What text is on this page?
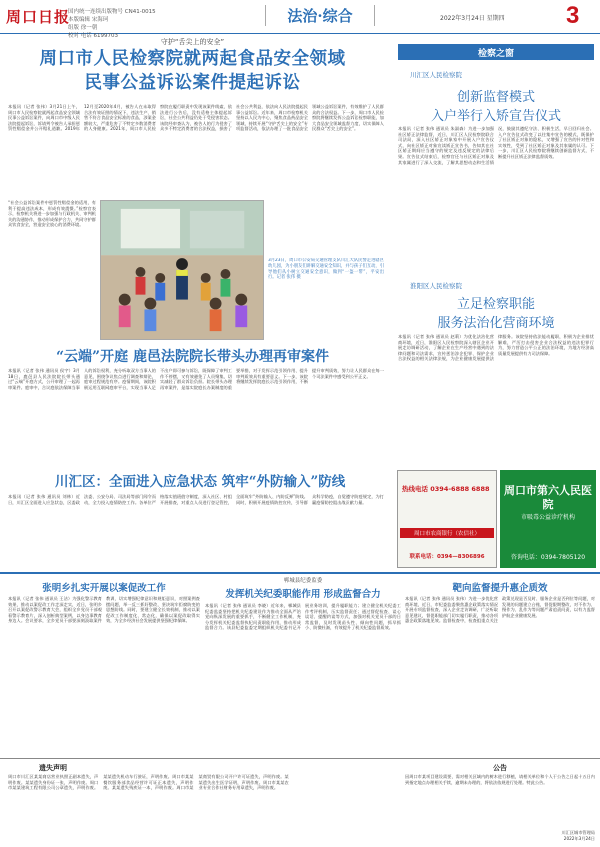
周口日报
国内统一连续出版物号 CN41-0015
本版编辑 宋海珂
组版 徐一朝
校对 电话 6199703
法治·综合	2022年3月24日 星期四	3
守护“舌尖上的安全”
周口市人民检察院就两起食品安全领域
民事公益诉讼案件提起诉讼
本报讯（记者 张伟）3月21日上午，周口市人民检察院就两起食品安全领域民事公益诉讼案件，向周口市中级人民法院提起诉讼，诉请判令被告人承担惩罚性赔偿金并公开赔礼道歉。2019年12月至2020年4月，被告人在未取得合法有效证照的情况下，违法生产、销售不符合食品安全标准的食品，涉案金额较大，严重危害了不特定多数消费者的人身健康。2021年，周口市人民检察院在履行职责中发现该案件线索，依法进行公告后，没有适格主体提起诉讼，社会公共利益仍处于受侵害状态。该院经审查认为，被告人的行为侵害了众多不特定消费者的合法权益，损害了社会公共利益，依法向人民法院提起民事公益诉讼。近年来，周口市检察机关坚持以人民为中心，聚焦食品药品安全领域，持续开展“守护舌尖上的安全”专项监督活动，依法办理了一批食品安全领域公益诉讼案件，有效维护了人民群众的合法权益。下一步，周口市人民检察院将继续发挥公益诉讼检察职能，加大食品安全领域监督力度，切实保障人民群众“舌尖上的安全”。
“社会公益诉讼案件中惩罚性赔偿金的适用，有利于提高违法成本，形成有效震慑。”检察官表示，检察机关将进一步加强与行政机关、审判机关的沟通协作，推动形成保护合力，共同守护群众饮食安全，营造安全放心的消费环境。
3月23日，周口市公安局交通管理支队川汇大队民警走进辖区幼儿园，为小朋友们讲解交通安全知识，并与孩子们互动，引导他们从小树立交通安全意识，做到“一盔一带”，平安出行。记者 张伟 摄
“云端”开庭 鹿邑法院院长带头办理再审案件
本报讯（记者 张伟 通讯员 侯宇）3月18日，鹿邑县人民法院院长带头通过“云端”开庭方式，公开审理了一起再审案件。庭审中，合议庭依法保障当事人的诉讼权利，充分听取双方当事人的意见，围绕争议焦点进行调查和辩论，庭审过程规范有序。疫情期间，该院积极运用互联网庭审平台，实现当事人足不出户即可参与诉讼，既保障了审判工作不停摆，又有效避免了人员聚集，切实减轻了群众诉讼负担。院长带头办理再审案件，是落实院庭长办案制度的重要举措，对于发挥示范引领作用、提升审判质效具有重要意义。下一步，该院将继续发挥院庭长示范引领作用，不断提升审判质效，努力让人民群众在每一个司法案件中感受到公平正义。
川汇区：全面进入应急状态 筑牢“外防输入”防线
本报讯（记者 张伟 通讯员 刘林）近日，川汇区全面进入应急状态，区委政法委、公安分局、司法局等部门闻令而动，全力投入疫情防控工作。各单位严格落实值班值守制度，深入社区、村组开展排查，对重点人员进行登记管控，全面筑牢“外防输入、内防反弹”防线。同时，积极开展疫情防控宣传，引导群众科学防疫，自觉遵守防疫规定，为打赢疫情防控阻击战贡献力量。
检察之窗
川汇区人民检察院
创新监督模式
入户举行入矫宣告仪式
本报讯（记者 张伟 通讯员 朱淑森）为进一步加强社区矫正法律监督，近日，川汇区人民检察院联合司法局，深入社区矫正对象家中开展入户宣告仪式，向社区矫正对象宣读矫正宣告书，告知其在社区矫正期间应当遵守的规定及违反规定的法律后果。宣告仪式结束后，检察官还与社区矫正对象及其家属进行了深入交流，了解其思想动态和生活情况，鼓励其遵纪守法、积极生活，早日回归社会。入户宣告仪式改变了以往集中宣告的模式，既保护了社区矫正对象的隐私，又增强了宣告的针对性和实效性，受到了社区矫正对象及其家属的认可。下一步，川汇区人民检察院将继续创新监督方式，不断提升社区矫正法律监督质效。
淮阳区人民检察院
立足检察职能
服务法治化营商环境
本报讯（记者 张伟 通讯员 赵莉）为优化法治化营商环境，近日，淮阳区人民检察院深入辖区企业开展走访调研活动，了解企业在生产经营中遇到的法律问题和司法需求，宣传惩治涉企犯罪、保护企业合法权益的相关法律法规，为企业健康发展提供法律服务。该院坚持依法能动履职，积极为企业排忧解难，严厉打击侵害企业合法权益的违法犯罪行为，努力营造公平公正的法治环境，为地方经济高质量发展提供有力司法保障。
热线电话 0394-6888 6888
周口市农商银行（农信社）
联系电话：0394—8306896
周口市第六人民医院
市吸毒公益诊疗机构
咨询电话：0394-7805120
张明乡扎实开展以案促改工作
本报讯（记者 张伟 通讯员 王洁）为强化警示教育效果，推动以案促改工作走深走实，近日，张明乡召开以案促改警示教育大会，组织全乡党员干部观看警示教育片，深入剖析典型案例，以身边事教育身边人。会议要求，全乡党员干部要深刻汲取案件教训，切实增强纪律意识和规矩意识，对照案例查摆问题，举一反三抓好整改，坚决筑牢拒腐防变的思想防线。同时，要建立健全长效机制，推动以案促改工作制度化、常态化，确保以案促改取得实效，为全乡经济社会发展提供坚强纪律保障。
郸城县纪委监委
发挥机关纪委职能作用 形成监督合力
本报讯（记者 张伟 通讯员 李晓）近年来，郸城县纪委监委坚持把机关纪委建设作为推动全面从严治党向纵深发展的重要抓手，不断健全工作机制，充分发挥机关纪委监督执纪问责职能作用，推动形成监督合力。该县纪委监委定期组织机关纪委书记开展业务培训，提升履职能力；建立健全机关纪委工作考评机制，压实监督责任；通过督促检查、谈心谈话、提醒约谈等方式，加强对机关党员干部的日常监督，及时发现苗头性、倾向性问题，抓早抓小、防微杜渐，有效提升了机关纪委监督质效。
靶向监督提升惠企质效
本报讯（记者 张伟 通讯员 张伟）为进一步优化营商环境，近日，市纪委监委聚焦惠企政策落实情况开展专项监督检查，深入企业走访调研，广泛听取意见建议，督促职能部门切实履行职责，推动各项惠企政策落地见效。监督检查中，检查组重点关注政策兑现是否及时、服务企业是否到位等问题，对发现的问题建立台账，督促限期整改，对不作为、慢作为、乱作为等问题严肃追责问责，以有力监督护航企业健康发展。
遗失声明
周口市川汇区某某商店营业执照正副本遗失，声明作废。某某遗失身份证一张，声明作废。周口市某某建筑工程有限公司公章遗失，声明作废。某某遗失机动车行驶证，声明作废。周口市某某餐饮服务部食品经营许可证正本遗失，声明作废。某某遗失残疾证一本，声明作废。周口市某某商贸有限公司开户许可证遗失，声明作废。某某遗失出生医学证明，声明作废。周口市某某农业专业合作社财务专用章遗失，声明作废。
公告
因周口市某项目建设需要，需对相关区域内的树木进行移植，请相关单位和个人于公告之日起十五日内到指定地点办理相关手续，逾期未办理的，将依法依规进行处理。特此公告。
川汇区城市管理局
2022年3月24日
